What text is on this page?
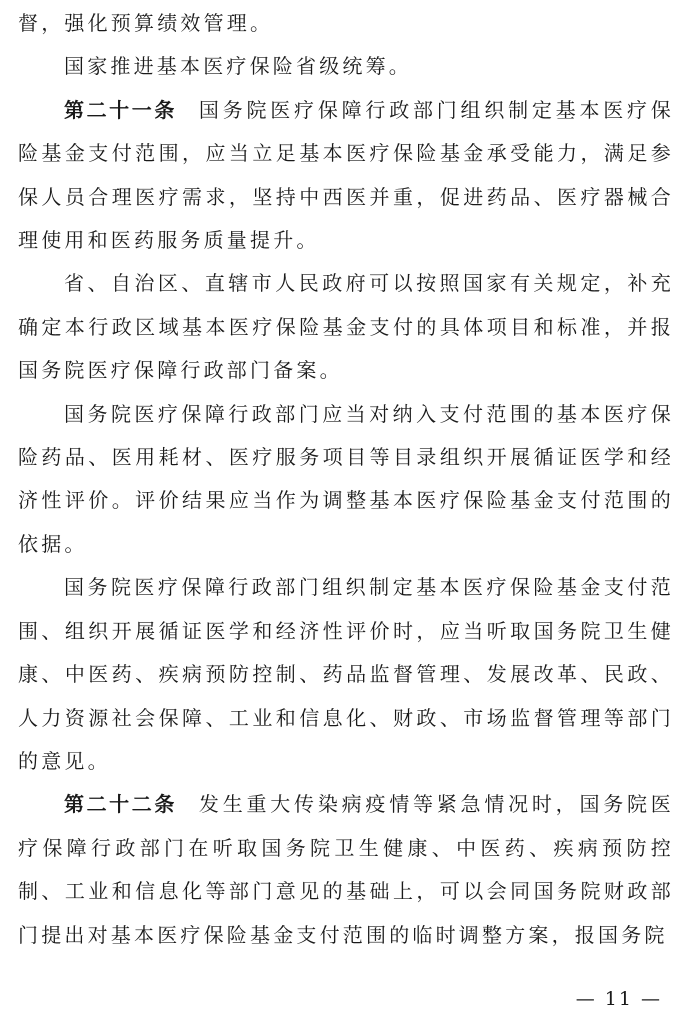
督，强化预算绩效管理。

国家推进基本医疗保险省级统筹。

第二十一条 国务院医疗保障行政部门组织制定基本医疗保险基金支付范围，应当立足基本医疗保险基金承受能力，满足参保人员合理医疗需求，坚持中西医并重，促进药品、医疗器械合理使用和医药服务质量提升。

省、自治区、直辖市人民政府可以按照国家有关规定，补充确定本行政区域基本医疗保险基金支付的具体项目和标准，并报国务院医疗保障行政部门备案。

国务院医疗保障行政部门应当对纳入支付范围的基本医疗保险药品、医用耗材、医疗服务项目等目录组织开展循证医学和经济性评价。评价结果应当作为调整基本医疗保险基金支付范围的依据。

国务院医疗保障行政部门组织制定基本医疗保险基金支付范围、组织开展循证医学和经济性评价时，应当听取国务院卫生健康、中医药、疾病预防控制、药品监督管理、发展改革、民政、人力资源社会保障、工业和信息化、财政、市场监督管理等部门的意见。

第二十二条 发生重大传染病疫情等紧急情况时，国务院医疗保障行政部门在听取国务院卫生健康、中医药、疾病预防控制、工业和信息化等部门意见的基础上，可以会同国务院财政部门提出对基本医疗保险基金支付范围的临时调整方案，报国务院

— 11 —
